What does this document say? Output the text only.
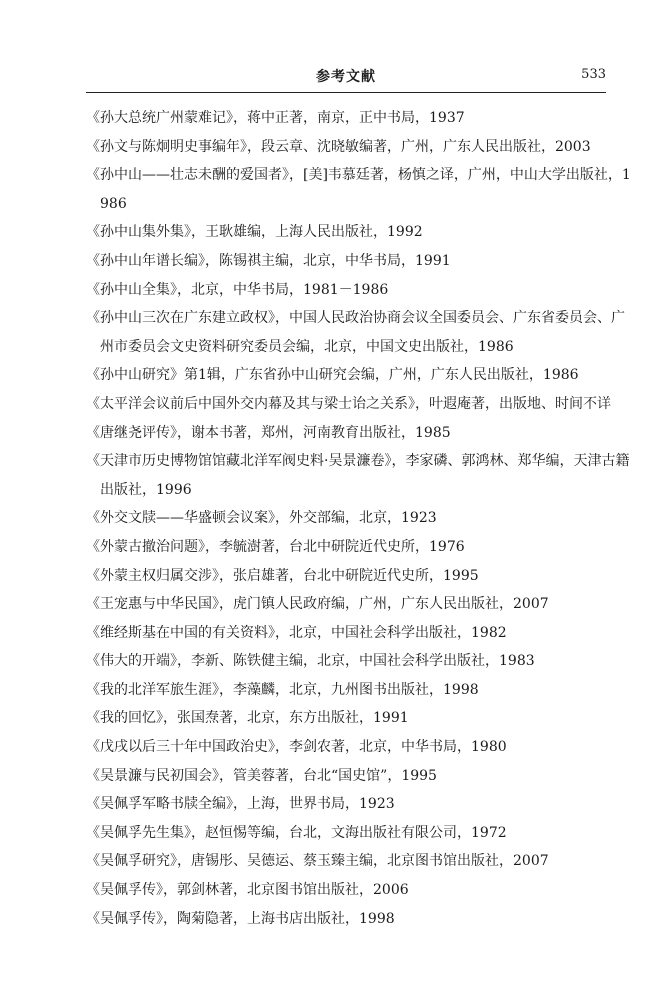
参考文献	533
《孙大总统广州蒙难记》，蒋中正著，南京，正中书局，1937
《孙文与陈炯明史事编年》，段云章、沈晓敏编著，广州，广东人民出版社，2003
《孙中山——壮志未酬的爱国者》，[美]韦慕廷著，杨慎之译，广州，中山大学出版社，1986
《孙中山集外集》，王耿雄编，上海人民出版社，1992
《孙中山年谱长编》，陈锡祺主编，北京，中华书局，1991
《孙中山全集》，北京，中华书局，1981－1986
《孙中山三次在广东建立政权》，中国人民政治协商会议全国委员会、广东省委员会、广州市委员会文史资料研究委员会编，北京，中国文史出版社，1986
《孙中山研究》第1辑，广东省孙中山研究会编，广州，广东人民出版社，1986
《太平洋会议前后中国外交内幕及其与梁士诒之关系》，叶遐庵著，出版地、时间不详
《唐继尧评传》，谢本书著，郑州，河南教育出版社，1985
《天津市历史博物馆馆藏北洋军阀史料·吴景濂卷》，李家磷、郭鸿林、郑华编，天津古籍出版社，1996
《外交文牍——华盛顿会议案》，外交部编，北京，1923
《外蒙古撤治问题》，李毓澍著，台北中研院近代史所，1976
《外蒙主权归属交涉》，张启雄著，台北中研院近代史所，1995
《王宠惠与中华民国》，虎门镇人民政府编，广州，广东人民出版社，2007
《维经斯基在中国的有关资料》，北京，中国社会科学出版社，1982
《伟大的开端》，李新、陈铁健主编，北京，中国社会科学出版社，1983
《我的北洋军旅生涯》，李藻麟，北京，九州图书出版社，1998
《我的回忆》，张国焘著，北京，东方出版社，1991
《戊戌以后三十年中国政治史》，李剑农著，北京，中华书局，1980
《吴景濂与民初国会》，管美蓉著，台北“国史馆”，1995
《吴佩孚军略书牍全编》，上海，世界书局，1923
《吴佩孚先生集》，赵恒惕等编，台北，文海出版社有限公司，1972
《吴佩孚研究》，唐锡彤、吴德运、蔡玉臻主编，北京图书馆出版社，2007
《吴佩孚传》，郭剑林著，北京图书馆出版社，2006
《吴佩孚传》，陶菊隐著，上海书店出版社，1998
